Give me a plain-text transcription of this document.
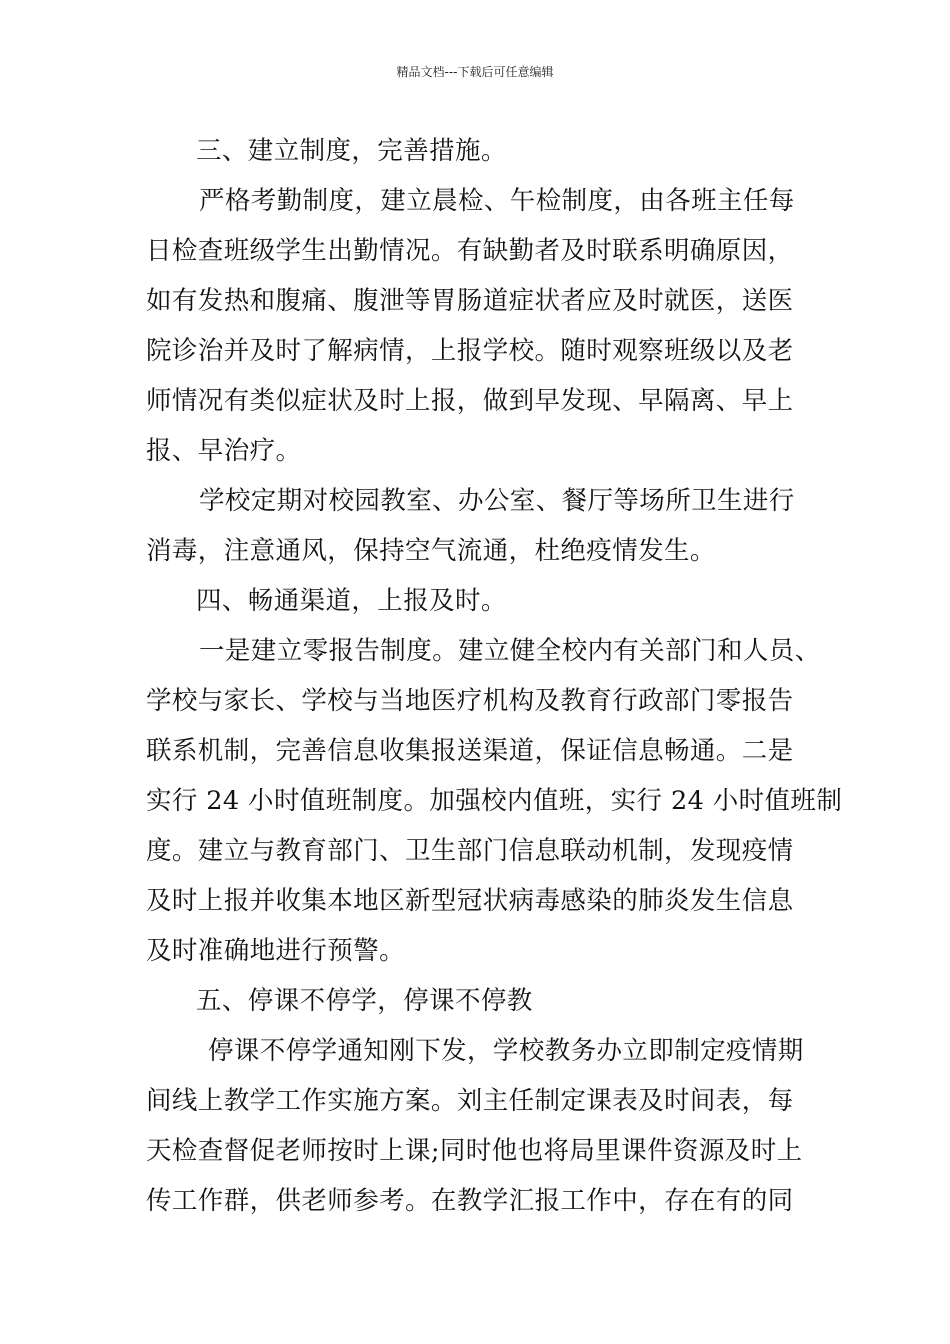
精品文档---下载后可任意编辑
三、建立制度，完善措施。
严格考勤制度，建立晨检、午检制度，由各班主任每
日检查班级学生出勤情况。有缺勤者及时联系明确原因，
如有发热和腹痛、腹泄等胃肠道症状者应及时就医，送医
院诊治并及时了解病情，上报学校。随时观察班级以及老
师情况有类似症状及时上报，做到早发现、早隔离、早上
报、早治疗。
学校定期对校园教室、办公室、餐厅等场所卫生进行
消毒，注意通风，保持空气流通，杜绝疫情发生。
四、畅通渠道，上报及时。
一是建立零报告制度。建立健全校内有关部门和人员、
学校与家长、学校与当地医疗机构及教育行政部门零报告
联系机制，完善信息收集报送渠道，保证信息畅通。二是
实行 24 小时值班制度。加强校内值班，实行 24 小时值班制
度。建立与教育部门、卫生部门信息联动机制，发现疫情
及时上报并收集本地区新型冠状病毒感染的肺炎发生信息
及时准确地进行预警。
五、停课不停学，停课不停教
停课不停学通知刚下发，学校教务办立即制定疫情期
间线上教学工作实施方案。刘主任制定课表及时间表，每
天检查督促老师按时上课;同时他也将局里课件资源及时上
传工作群，供老师参考。在教学汇报工作中，存在有的同
